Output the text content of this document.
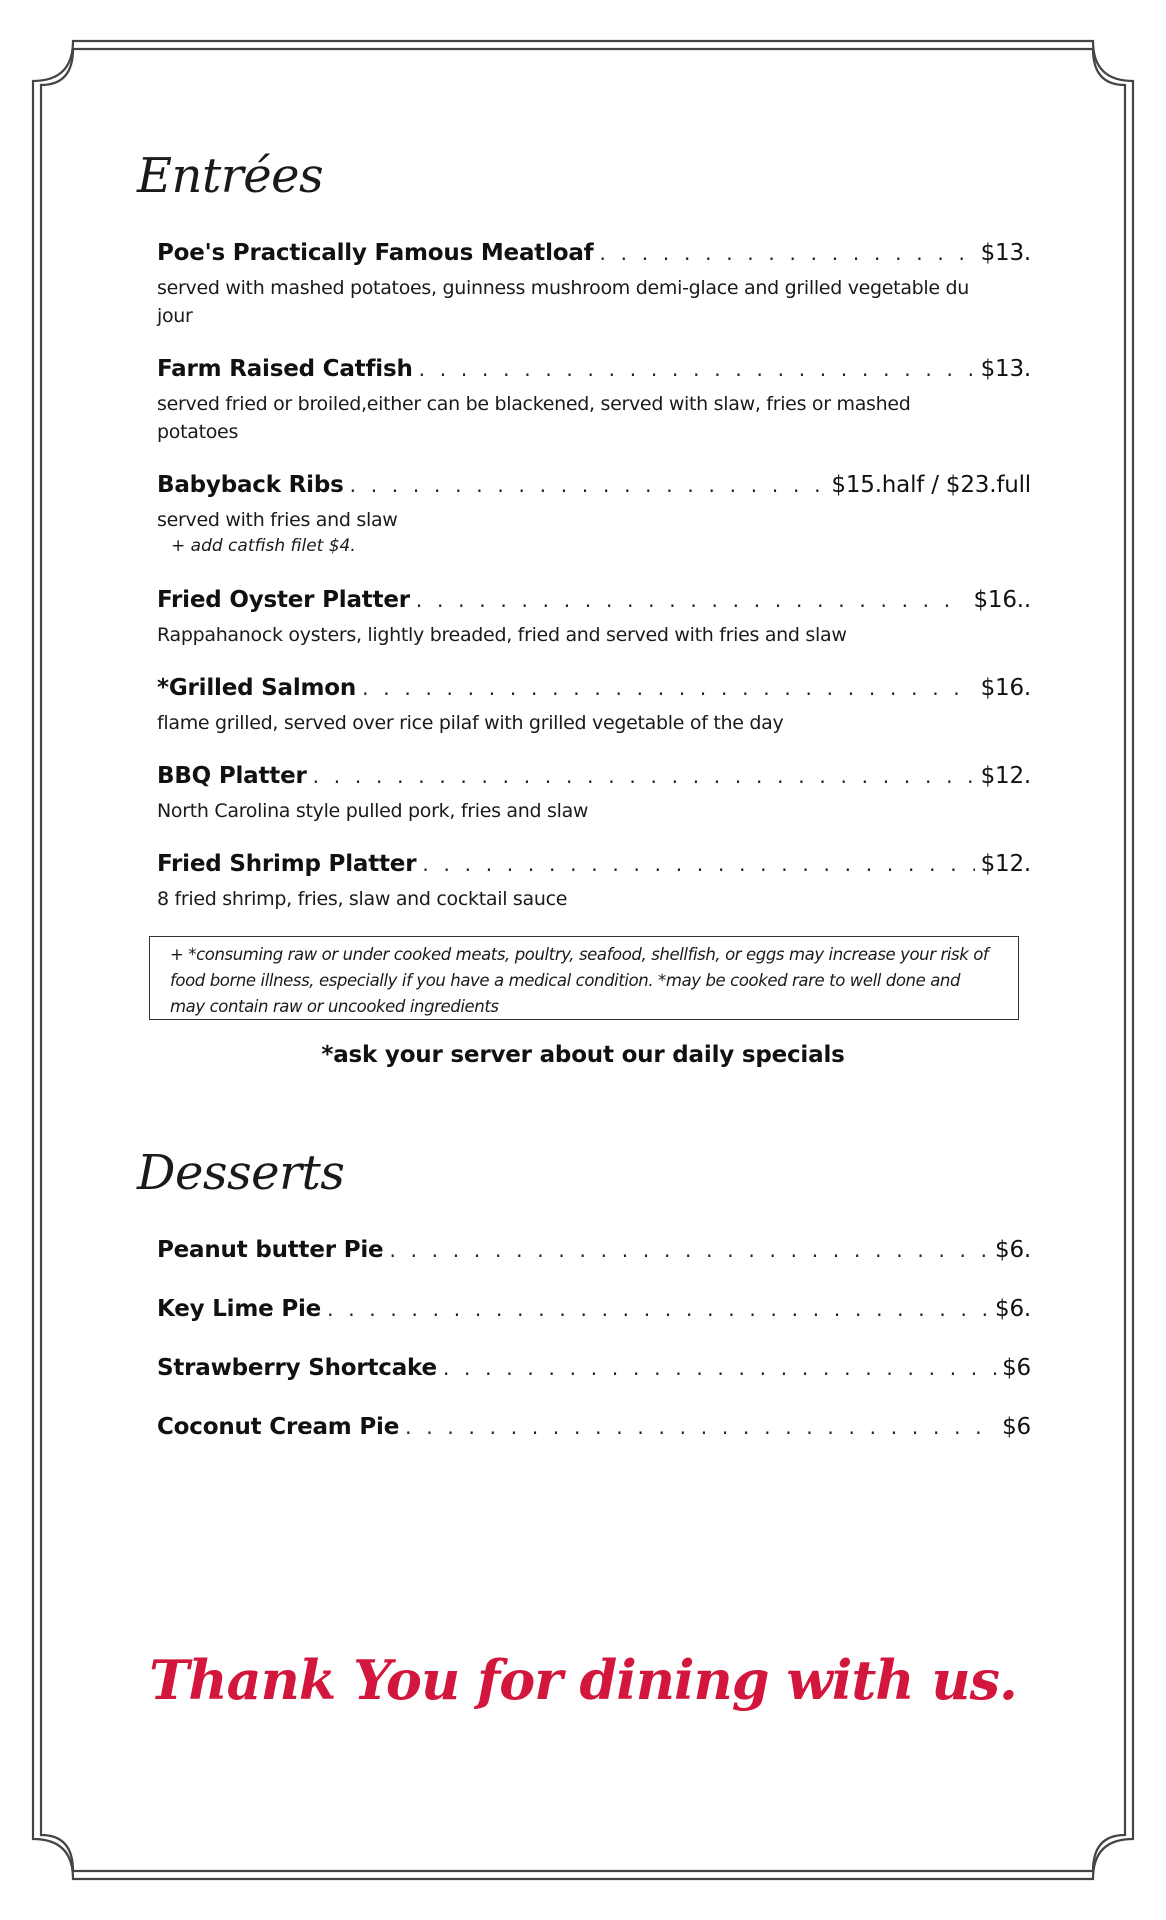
Entrées
Poe's Practically Famous Meatloaf . . .	$13.
served with mashed potatoes, guinness mushroom demi-glace and grilled vegetable du jour
Farm Raised Catfish . . .	$13.
served fried or broiled,either can be blackened, served with slaw, fries or mashed potatoes
Babyback Ribs . . .	$15.half / $23.full
served with fries and slaw
+ add catfish filet $4.
Fried Oyster Platter . . .	$16..
Rappahanock oysters, lightly breaded, fried and served with fries and slaw
*Grilled Salmon . . .	$16.
flame grilled, served over rice pilaf with grilled vegetable of the day
BBQ Platter . . .	$12.
North Carolina style pulled pork, fries and slaw
Fried Shrimp Platter . . .	$12.
8 fried shrimp, fries, slaw and cocktail sauce
+ *consuming raw or under cooked meats, poultry, seafood, shellfish, or eggs may increase your risk of food borne illness, especially if you have a medical condition. *may be cooked rare to well done and may contain raw or uncooked ingredients
*ask your server about our daily specials
Desserts
Peanut butter Pie . . .	$6.
Key Lime Pie . . .	$6.
Strawberry Shortcake . . .	$6
Coconut Cream Pie . . .	$6
Thank You for dining with us.
